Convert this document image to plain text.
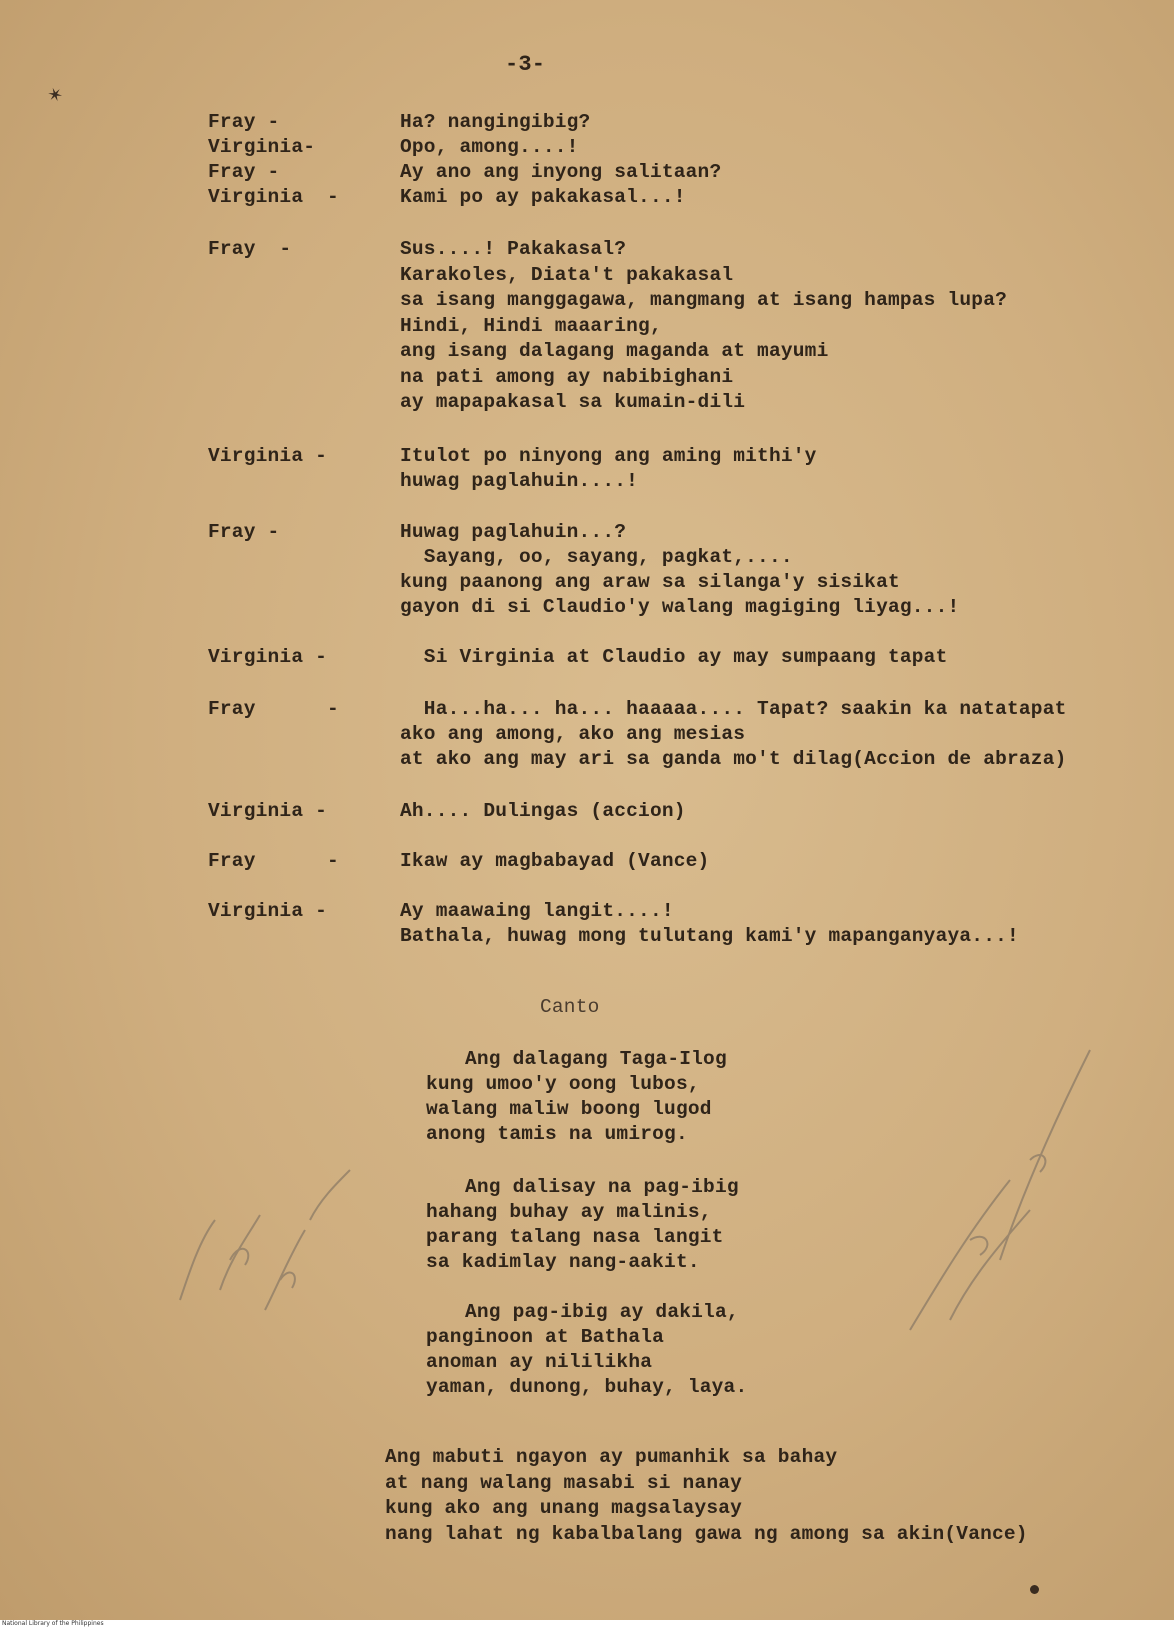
✶
-3-
Fray -	Ha? nangingibig?
Virginia-	Opo, among....!
Fray -	Ay ano ang inyong salitaan?
Virginia  -	Kami po ay pakakasal...!
Fray  -	Sus....! Pakakasal?
Karakoles, Diata't pakakasal
sa isang manggagawa, mangmang at isang hampas lupa?
Hindi, Hindi maaaring,
ang isang dalagang maganda at mayumi
na pati among ay nabibighani
ay mapapakasal sa kumain-dili
Virginia -	Itulot po ninyong ang aming mithi'y
huwag paglahuin....!
Fray -	Huwag paglahuin...?
Sayang, oo, sayang, pagkat,....
kung paanong ang araw sa silanga'y sisikat
gayon di si Claudio'y walang magiging liyag...!
Virginia -	Si Virginia at Claudio ay may sumpaang tapat
Fray      -	Ha...ha... ha... haaaaa.... Tapat? saakin ka natatapat
ako ang among, ako ang mesias
at ako ang may ari sa ganda mo't dilag(Accion de abraza)
Virginia -	Ah.... Dulingas (accion)
Fray      -	Ikaw ay magbabayad (Vance)
Virginia -	Ay maawaing langit....!
Bathala, huwag mong tulutang kami'y mapanganyaya...!
Canto
Ang dalagang Taga-Ilog
kung umoo'y oong lubos,
walang maliw boong lugod
anong tamis na umirog.
Ang dalisay na pag-ibig
hahang buhay ay malinis,
parang talang nasa langit
sa kadimlay nang-aakit.
Ang pag-ibig ay dakila,
panginoon at Bathala
anoman ay nililikha
yaman, dunong, buhay, laya.
Ang mabuti ngayon ay pumanhik sa bahay
at nang walang masabi si nanay
kung ako ang unang magsalaysay
nang lahat ng kabalbalang gawa ng among sa akin(Vance)
National Library of the Philippines
